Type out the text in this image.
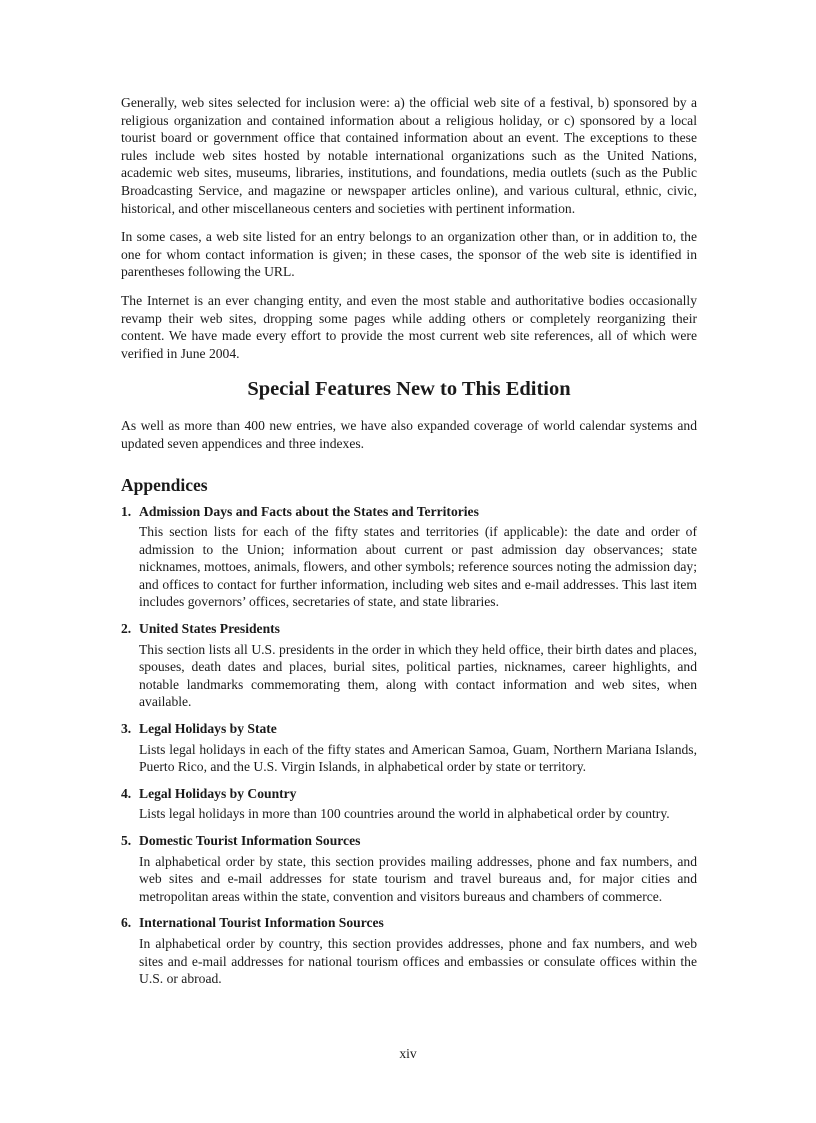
Generally, web sites selected for inclusion were: a) the official web site of a festival, b) sponsored by a religious organization and contained information about a religious holiday, or c) sponsored by a local tourist board or government office that contained information about an event. The exceptions to these rules include web sites hosted by notable international organizations such as the United Nations, academic web sites, museums, libraries, institutions, and foundations, media outlets (such as the Public Broadcasting Service, and magazine or newspaper articles online), and various cultural, ethnic, civic, historical, and other miscellaneous centers and societies with pertinent information.

In some cases, a web site listed for an entry belongs to an organization other than, or in addition to, the one for whom contact information is given; in these cases, the sponsor of the web site is identified in parentheses following the URL.

The Internet is an ever changing entity, and even the most stable and authoritative bodies occasionally revamp their web sites, dropping some pages while adding others or completely reorganizing their content. We have made every effort to provide the most current web site references, all of which were verified in June 2004.

Special Features New to This Edition

As well as more than 400 new entries, we have also expanded coverage of world calendar systems and updated seven appendices and three indexes.

Appendices
1. Admission Days and Facts about the States and Territories
This section lists for each of the fifty states and territories (if applicable): the date and order of admission to the Union; information about current or past admission day observances; state nicknames, mottoes, animals, flowers, and other symbols; reference sources noting the admission day; and offices to contact for further information, including web sites and e-mail addresses. This last item includes governors’ offices, secretaries of state, and state libraries.
2. United States Presidents
This section lists all U.S. presidents in the order in which they held office, their birth dates and places, spouses, death dates and places, burial sites, political parties, nicknames, career highlights, and notable landmarks commemorating them, along with contact information and web sites, when available.
3. Legal Holidays by State
Lists legal holidays in each of the fifty states and American Samoa, Guam, Northern Mariana Islands, Puerto Rico, and the U.S. Virgin Islands, in alphabetical order by state or territory.
4. Legal Holidays by Country
Lists legal holidays in more than 100 countries around the world in alphabetical order by country.
5. Domestic Tourist Information Sources
In alphabetical order by state, this section provides mailing addresses, phone and fax numbers, and web sites and e-mail addresses for state tourism and travel bureaus and, for major cities and metropolitan areas within the state, convention and visitors bureaus and chambers of commerce.
6. International Tourist Information Sources
In alphabetical order by country, this section provides addresses, phone and fax numbers, and web sites and e-mail addresses for national tourism offices and embassies or consulate offices within the U.S. or abroad.
xiv
